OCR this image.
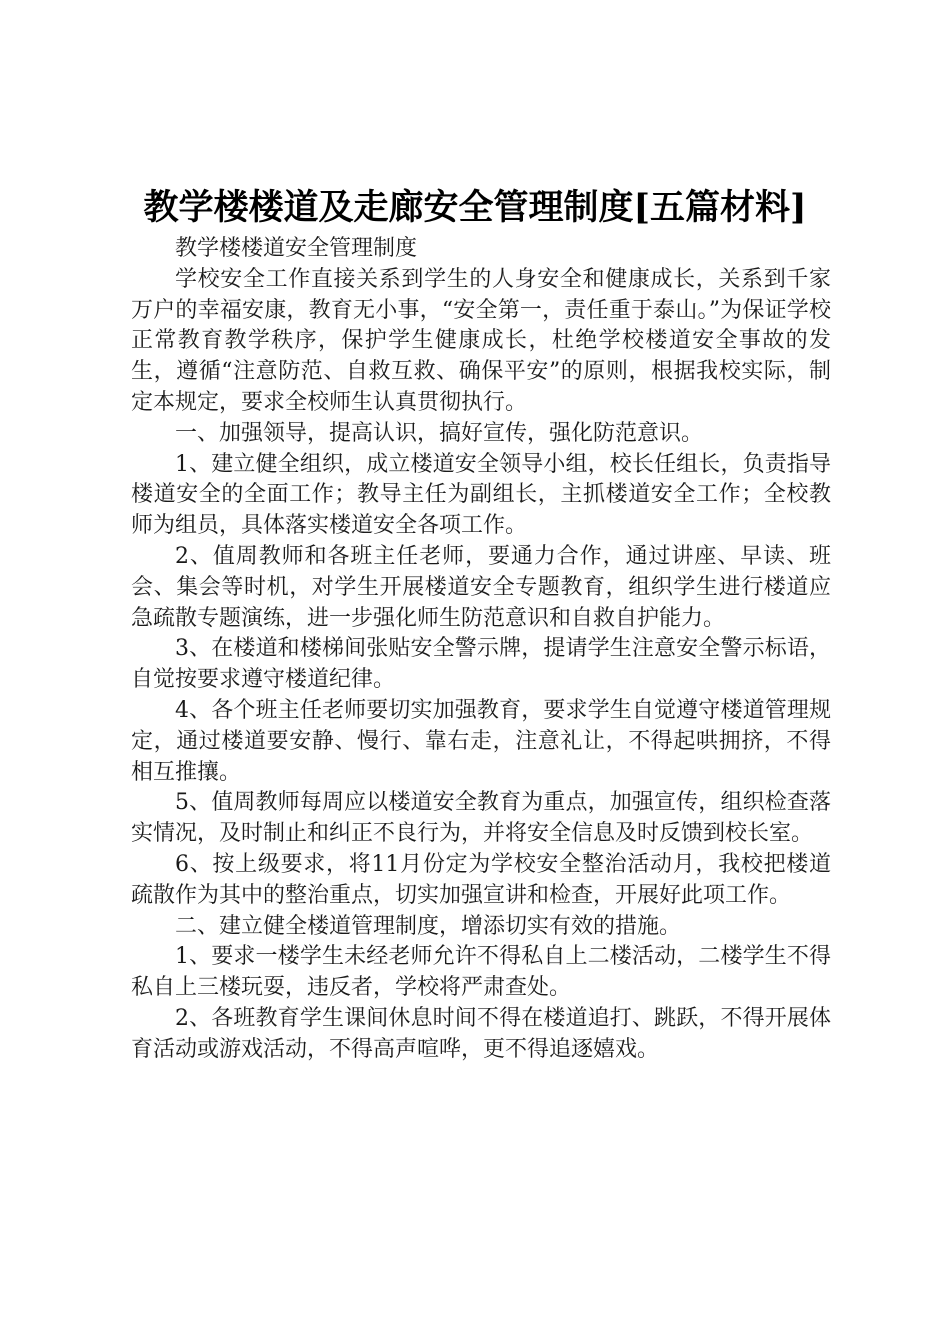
教学楼楼道及走廊安全管理制度[五篇材料]

教学楼楼道安全管理制度

学校安全工作直接关系到学生的人身安全和健康成长，关系到千家万户的幸福安康，教育无小事，“安全第一，责任重于泰山。”为保证学校正常教育教学秩序，保护学生健康成长，杜绝学校楼道安全事故的发生，遵循“注意防范、自救互救、确保平安”的原则，根据我校实际，制定本规定，要求全校师生认真贯彻执行。

一、加强领导，提高认识，搞好宣传，强化防范意识。

1、建立健全组织，成立楼道安全领导小组，校长任组长，负责指导楼道安全的全面工作；教导主任为副组长，主抓楼道安全工作；全校教师为组员，具体落实楼道安全各项工作。

2、值周教师和各班主任老师，要通力合作，通过讲座、早读、班会、集会等时机，对学生开展楼道安全专题教育，组织学生进行楼道应急疏散专题演练，进一步强化师生防范意识和自救自护能力。

3、在楼道和楼梯间张贴安全警示牌，提请学生注意安全警示标语，自觉按要求遵守楼道纪律。

4、各个班主任老师要切实加强教育，要求学生自觉遵守楼道管理规定，通过楼道要安静、慢行、靠右走，注意礼让，不得起哄拥挤，不得相互推攘。

5、值周教师每周应以楼道安全教育为重点，加强宣传，组织检查落实情况，及时制止和纠正不良行为，并将安全信息及时反馈到校长室。

6、按上级要求，将11月份定为学校安全整治活动月，我校把楼道疏散作为其中的整治重点，切实加强宣讲和检查，开展好此项工作。

二、建立健全楼道管理制度，增添切实有效的措施。

1、要求一楼学生未经老师允许不得私自上二楼活动，二楼学生不得私自上三楼玩耍，违反者，学校将严肃查处。

2、各班教育学生课间休息时间不得在楼道追打、跳跃，不得开展体育活动或游戏活动，不得高声喧哗，更不得追逐嬉戏。
